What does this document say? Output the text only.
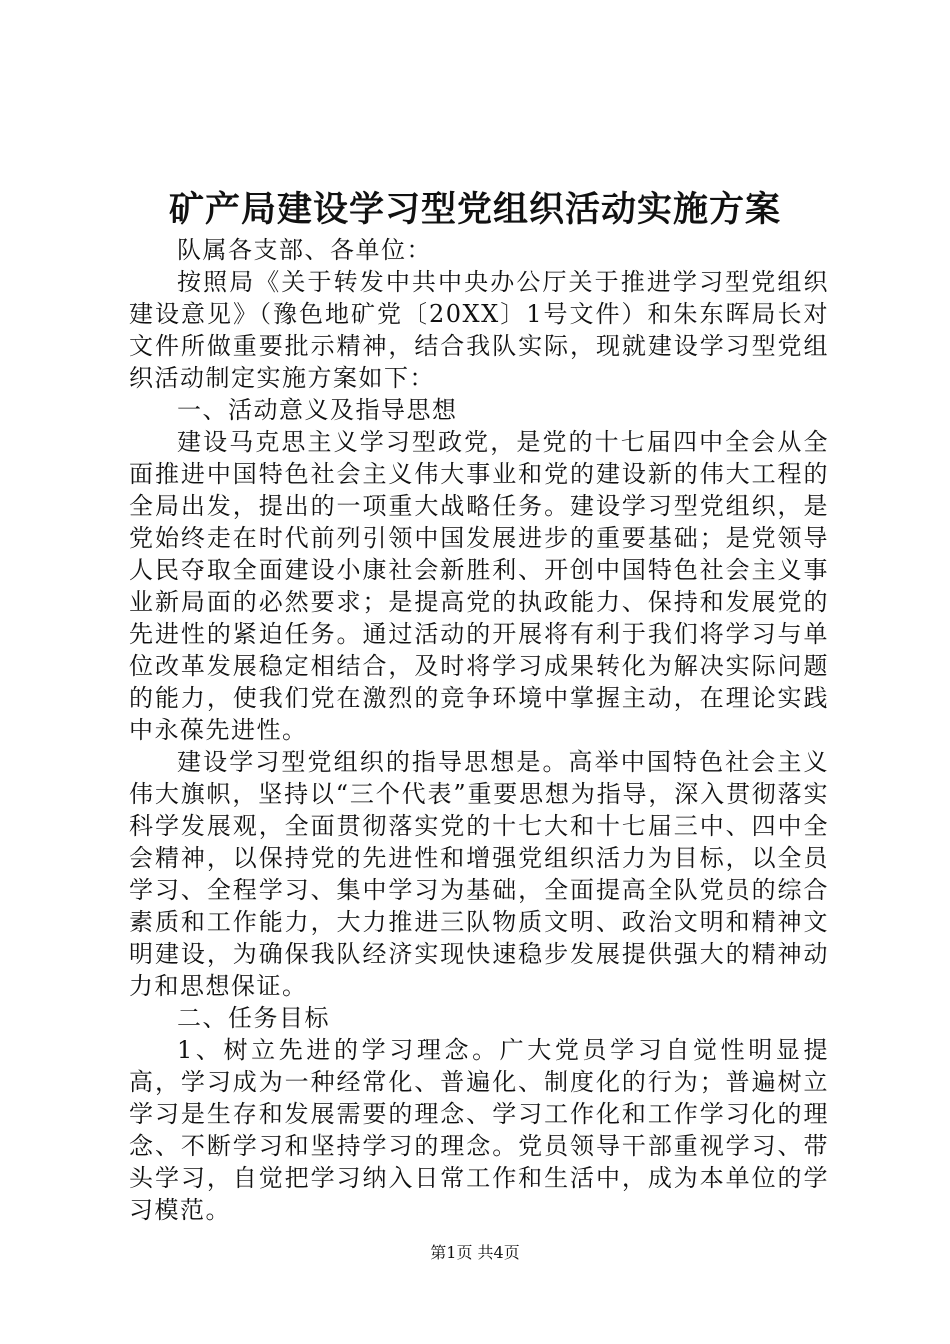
矿产局建设学习型党组织活动实施方案

队属各支部、各单位：

按照局《关于转发中共中央办公厅关于推进学习型党组织建设意见》（豫色地矿党〔20XX〕1号文件）和朱东晖局长对文件所做重要批示精神，结合我队实际，现就建设学习型党组织活动制定实施方案如下：

一、活动意义及指导思想

建设马克思主义学习型政党，是党的十七届四中全会从全面推进中国特色社会主义伟大事业和党的建设新的伟大工程的全局出发，提出的一项重大战略任务。建设学习型党组织，是党始终走在时代前列引领中国发展进步的重要基础；是党领导人民夺取全面建设小康社会新胜利、开创中国特色社会主义事业新局面的必然要求；是提高党的执政能力、保持和发展党的先进性的紧迫任务。通过活动的开展将有利于我们将学习与单位改革发展稳定相结合，及时将学习成果转化为解决实际问题的能力，使我们党在激烈的竞争环境中掌握主动，在理论实践中永葆先进性。

建设学习型党组织的指导思想是。高举中国特色社会主义伟大旗帜，坚持以“三个代表”重要思想为指导，深入贯彻落实科学发展观，全面贯彻落实党的十七大和十七届三中、四中全会精神，以保持党的先进性和增强党组织活力为目标，以全员学习、全程学习、集中学习为基础，全面提高全队党员的综合素质和工作能力，大力推进三队物质文明、政治文明和精神文明建设，为确保我队经济实现快速稳步发展提供强大的精神动力和思想保证。

二、任务目标

1、树立先进的学习理念。广大党员学习自觉性明显提高，学习成为一种经常化、普遍化、制度化的行为；普遍树立学习是生存和发展需要的理念、学习工作化和工作学习化的理念、不断学习和坚持学习的理念。党员领导干部重视学习、带头学习，自觉把学习纳入日常工作和生活中，成为本单位的学习模范。

第1页 共4页
